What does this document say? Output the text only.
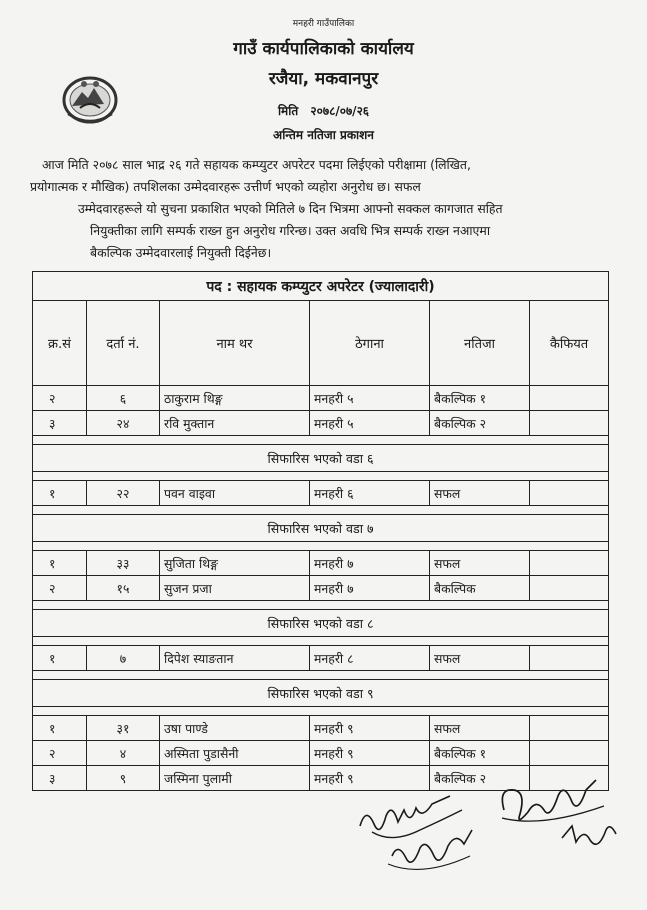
मनहरी गाउँपालिका
गाउँ कार्यपालिकाको कार्यालय
रजैया, मकवानपुर
मिति २०७८/०७/२६
अन्तिम नतिजा प्रकाशन

आज मिति २०७८ साल भाद्र २६ गते सहायक कम्प्युटर अपरेटर पदमा लिईएको परीक्षामा (लिखित,

प्रयोगात्मक र मौखिक) तपशिलका उम्मेदवारहरू उत्तीर्ण भएको व्यहोरा अनुरोध छ। सफल

उम्मेदवारहरूले यो सुचना प्रकाशित भएको मितिले ७ दिन भित्रमा आफ्नो सक्कल कागजात सहित

नियुक्तीका लागि सम्पर्क राख्न हुन अनुरोध गरिन्छ। उक्त अवधि भित्र सम्पर्क राख्न नआएमा

बैकल्पिक उम्मेदवारलाई नियुक्ती दिईनेछ।

पद : सहायक कम्प्युटर अपरेटर (ज्यालादारी)					
क्र.सं	दर्ता नं.	नाम थर	ठेगाना	नतिजा	कैफियत
२	६	ठाकुराम थिङ्ग	मनहरी ५	बैकल्पिक १	
३	२४	रवि मुक्तान	मनहरी ५	बैकल्पिक २	

सिफारिस भएको वडा ६					

१	२२	पवन वाइवा	मनहरी ६	सफल	

सिफारिस भएको वडा ७					

१	३३	सुजिता थिङ्ग	मनहरी ७	सफल	
२	१५	सुजन प्रजा	मनहरी ७	बैकल्पिक	

सिफारिस भएको वडा ८					

१	७	दिपेश स्याङतान	मनहरी ८	सफल	

सिफारिस भएको वडा ९					

१	३१	उषा पाण्डे	मनहरी ९	सफल	
२	४	अस्मिता पुडासैनी	मनहरी ९	बैकल्पिक १	
३	९	जस्मिना पुलामी	मनहरी ९	बैकल्पिक २	
